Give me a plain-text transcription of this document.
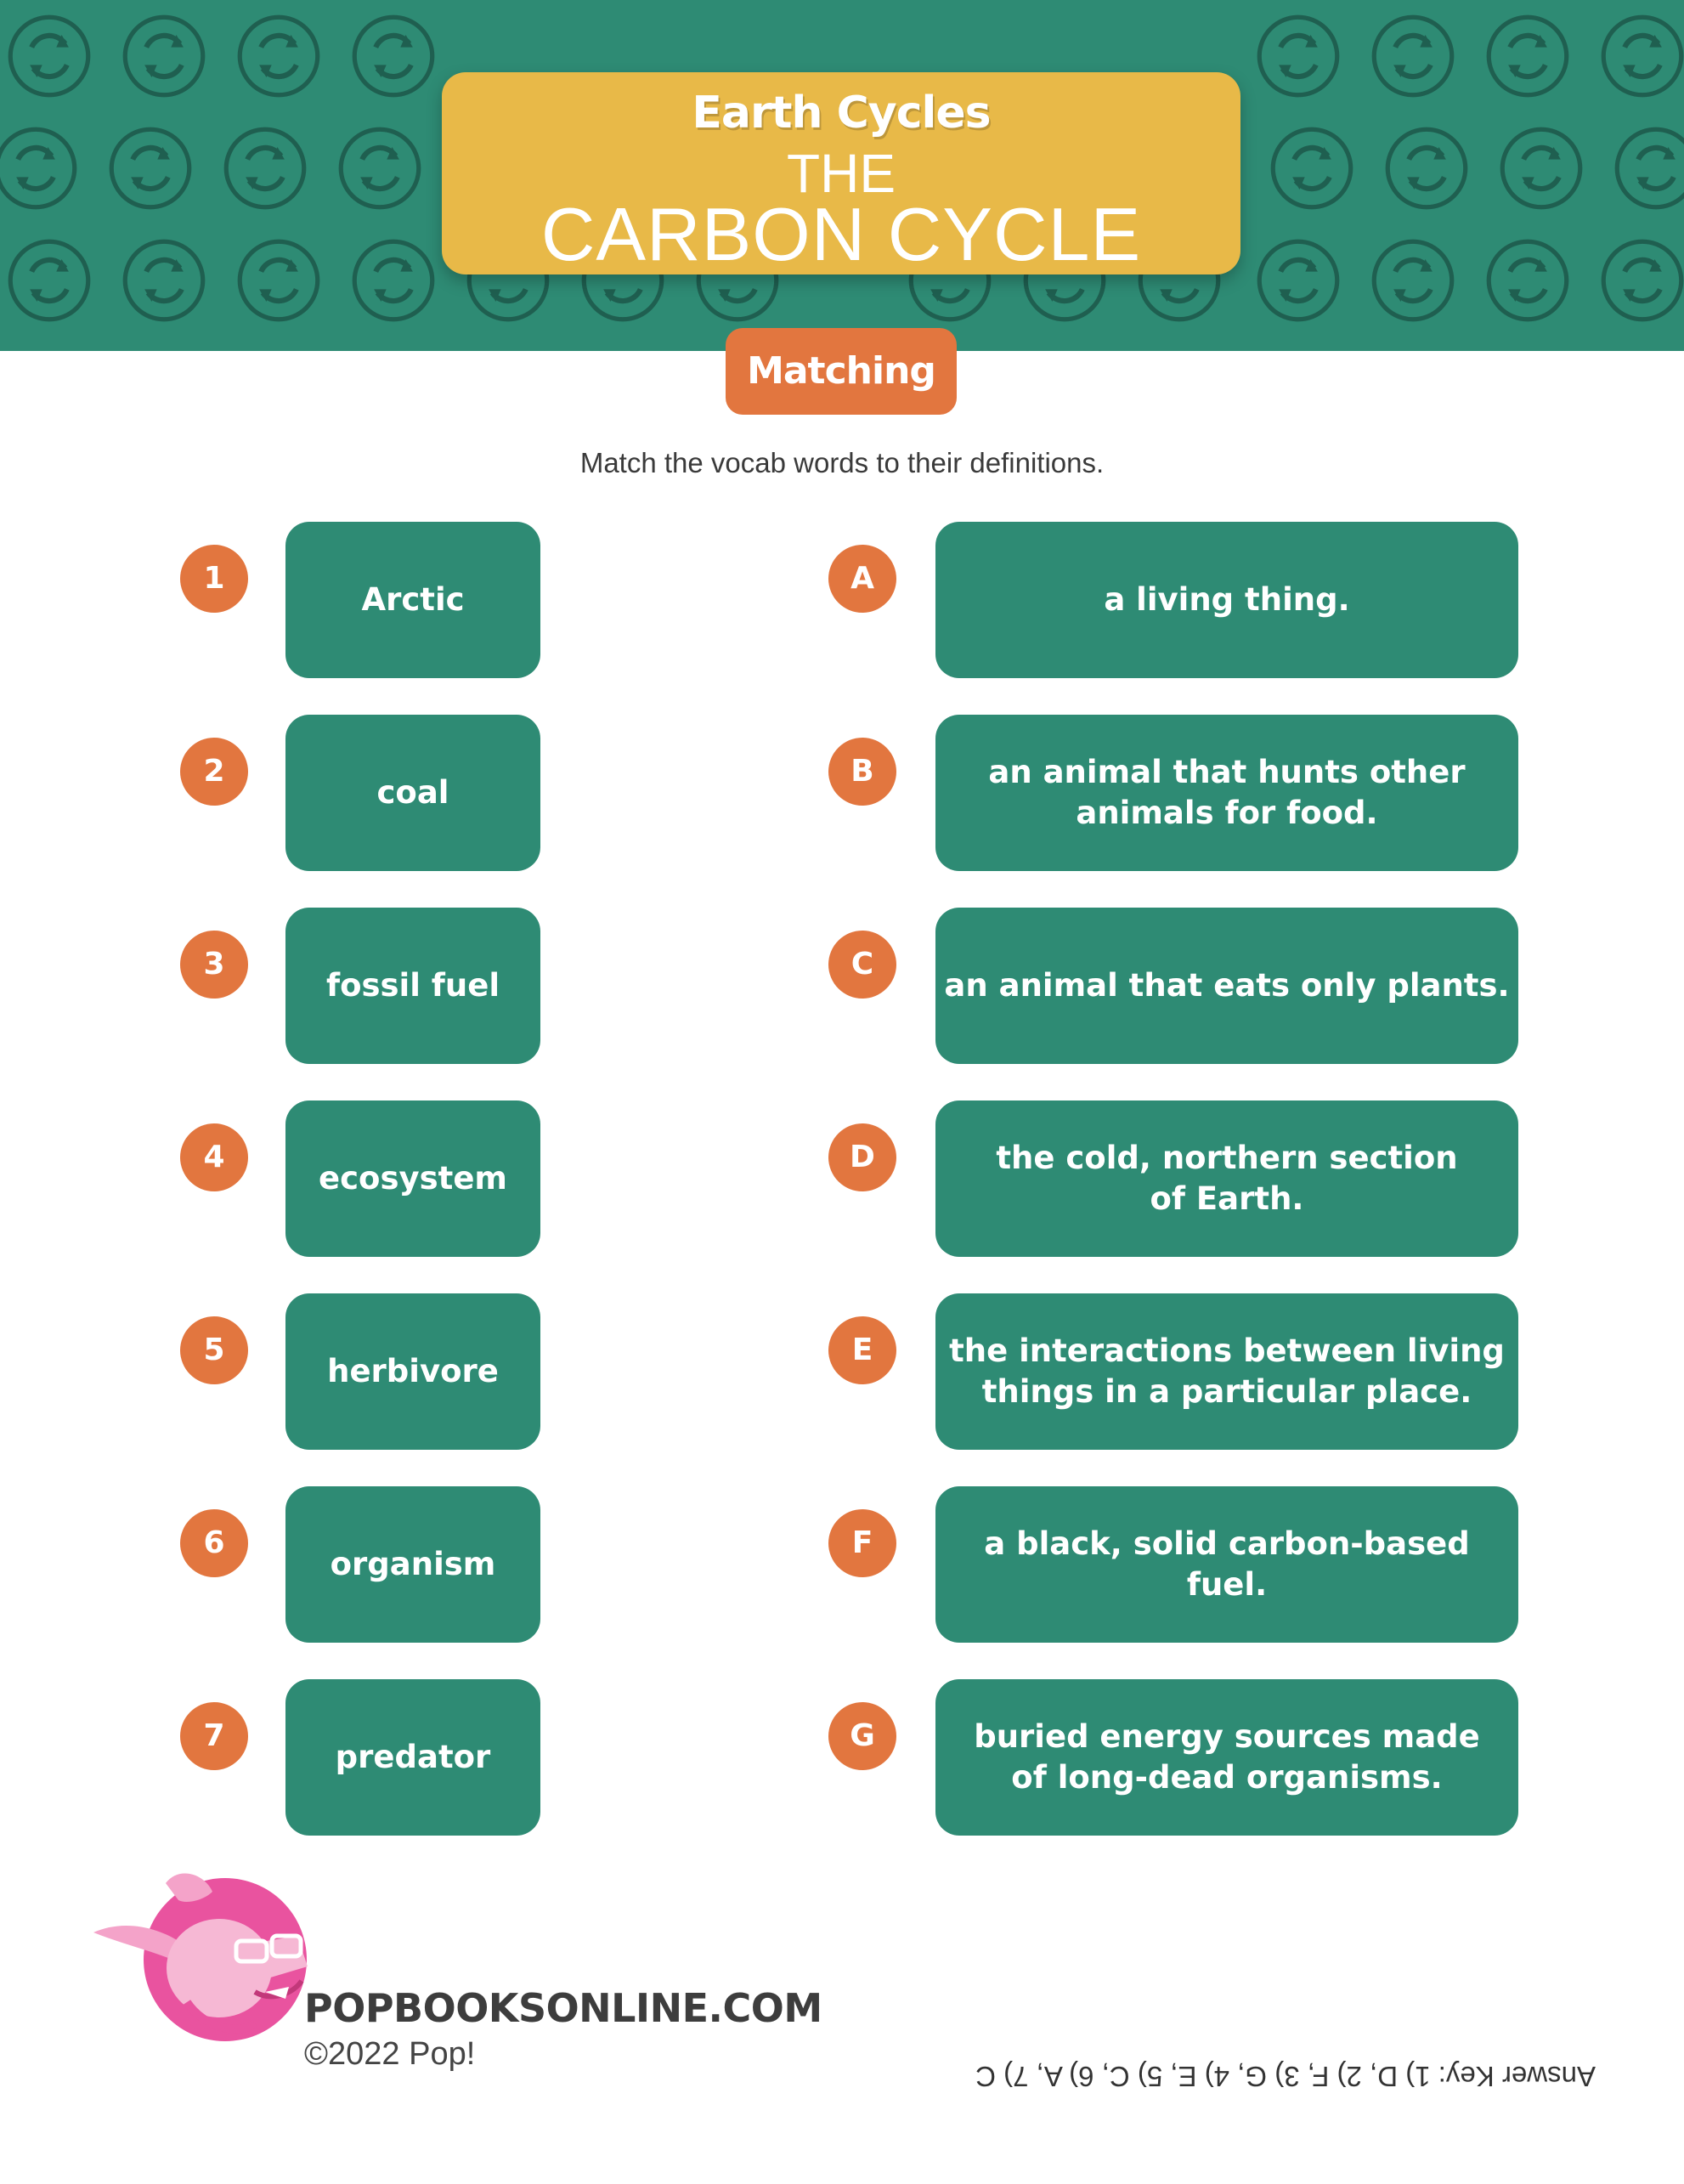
Earth Cycles
THE
CARBON CYCLE
Matching
Match the vocab words to their definitions.
1
Arctic
2
coal
3
fossil fuel
4
ecosystem
5
herbivore
6
organism
7
predator
A
a living thing.
B	an animal that hunts other animals for food.
C
an animal that eats only plants.
D	the cold, northern section of Earth.
E	the interactions between living things in a particular place.
F	a black, solid carbon-based fuel.
G	buried energy sources made of long-dead organisms.
POPBOOKSONLINE.COM
©2022 Pop!
Answer Key: 1) D, 2) F, 3) G, 4) E, 5) C, 6) A, 7) C
